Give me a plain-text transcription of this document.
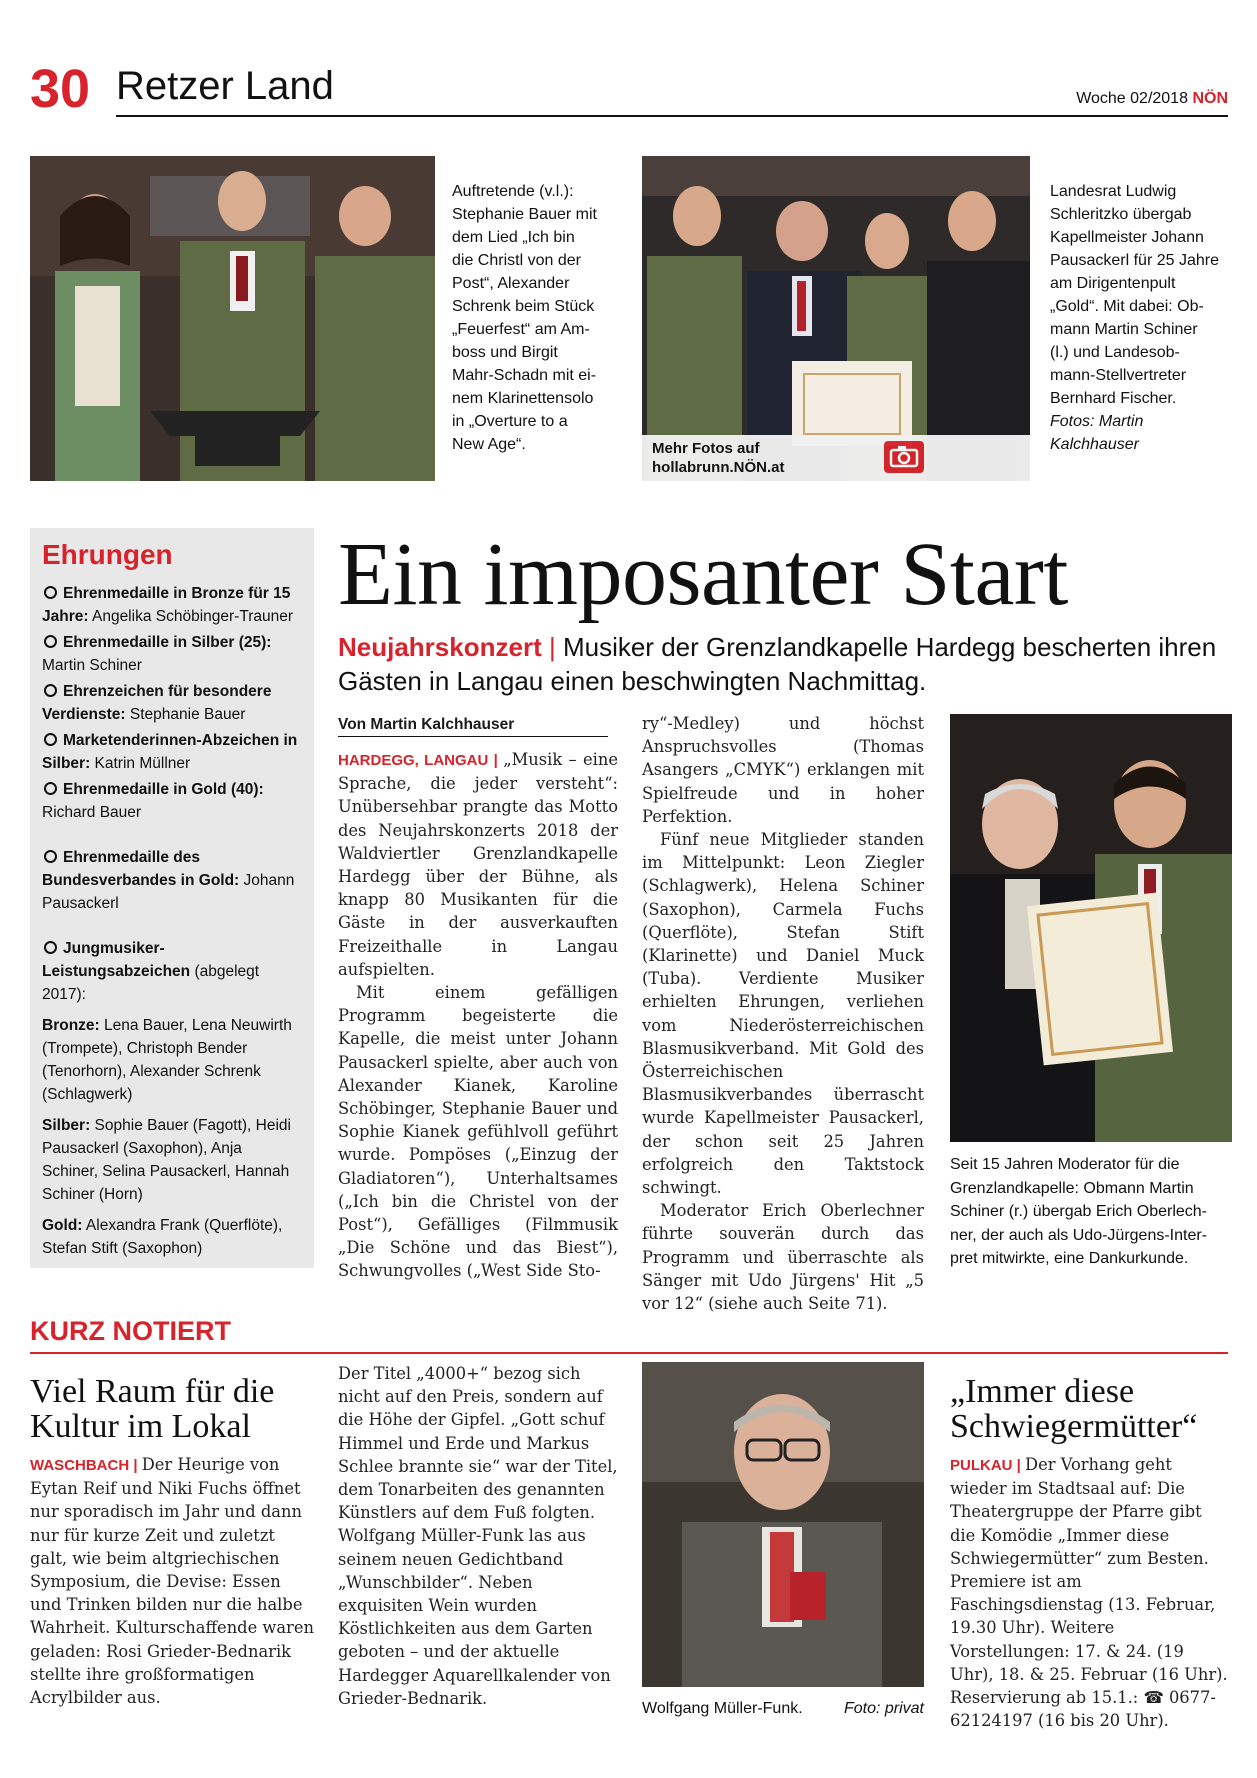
30 Retzer Land	Woche 02/2018 NÖN
Auftretende (v.l.):
Stephanie Bauer mit
dem Lied „Ich bin
die Christl von der
Post“, Alexander
Schrenk beim Stück
„Feuerfest“ am Am-
boss und Birgit
Mahr-Schadn mit ei-
nem Klarinettensolo
in „Overture to a
New Age“.	Mehr Fotos auf
hollabrunn.NÖN.at
Landesrat Ludwig
Schleritzko übergab
Kapellmeister Johann
Pausackerl für 25 Jahre
am Dirigentenpult
„Gold“. Mit dabei: Ob-
mann Martin Schiner
(l.) und Landesob-
mann-Stellvertreter
Bernhard Fischer.
Fotos: Martin
Kalchhauser
Ehrungen
Ehrenmedaille in Bronze für 15 Jahre: Angelika Schöbinger-Trauner
Ehrenmedaille in Silber (25): Martin Schiner
Ehrenzeichen für besondere Verdienste: Stephanie Bauer
Marketenderinnen-Abzeichen in Silber: Katrin Müllner
Ehrenmedaille in Gold (40): Richard Bauer
Ehrenmedaille des Bundesverbandes in Gold: Johann Pausackerl
Jungmusiker-Leistungsabzeichen (abgelegt 2017):
Bronze: Lena Bauer, Lena Neuwirth (Trompete), Christoph Bender (Tenorhorn), Alexander Schrenk (Schlagwerk)
Silber: Sophie Bauer (Fagott), Heidi Pausackerl (Saxophon), Anja Schiner, Selina Pausackerl, Hannah Schiner (Horn)
Gold: Alexandra Frank (Querflöte), Stefan Stift (Saxophon)
Ein imposanter Start
Neujahrskonzert | Musiker der Grenzlandkapelle Hardegg bescherten ihren Gästen in Langau einen beschwingten Nachmittag.
Von Martin Kalchhauser

HARDEGG, LANGAU | „Musik – eine Sprache, die jeder versteht“: Unübersehbar prangte das Motto des Neujahrskonzerts 2018 der Waldviertler Grenzlandkapelle Hardegg über der Bühne, als knapp 80 Musikanten für die Gäste in der ausverkauften Freizeithalle in Langau aufspielten.

Mit einem gefälligen Programm begeisterte die Kapelle, die meist unter Johann Pausackerl spielte, aber auch von Alexander Kianek, Karoline Schöbinger, Stephanie Bauer und Sophie Kianek gefühlvoll geführt wurde. Pompöses („Einzug der Gladiatoren“), Unterhaltsames („Ich bin die Christel von der Post“), Gefälliges (Filmmusik „Die Schöne und das Biest“), Schwungvolles („West Side Sto-

ry“-Medley) und höchst Anspruchsvolles (Thomas Asangers „CMYK“) erklangen mit Spielfreude und in hoher Perfektion.

Fünf neue Mitglieder standen im Mittelpunkt: Leon Ziegler (Schlagwerk), Helena Schiner (Saxophon), Carmela Fuchs (Querflöte), Stefan Stift (Klarinette) und Daniel Muck (Tuba). Verdiente Musiker erhielten Ehrungen, verliehen vom Niederösterreichischen Blasmusikverband. Mit Gold des Österreichischen Blasmusikverbandes überrascht wurde Kapellmeister Pausackerl, der schon seit 25 Jahren erfolgreich den Taktstock schwingt.

Moderator Erich Oberlechner führte souverän durch das Programm und überraschte als Sänger mit Udo Jürgens' Hit „5 vor 12“ (siehe auch Seite 71).

Seit 15 Jahren Moderator für die
Grenzlandkapelle: Obmann Martin
Schiner (r.) übergab Erich Oberlech-
ner, der auch als Udo-Jürgens-Inter-
pret mitwirkte, eine Dankurkunde.
KURZ NOTIERT
Viel Raum für die Kultur im Lokal

WASCHBACH | Der Heurige von Eytan Reif und Niki Fuchs öffnet nur sporadisch im Jahr und dann nur für kurze Zeit und zuletzt galt, wie beim altgriechischen Symposium, die Devise: Essen und Trinken bilden nur die halbe Wahrheit. Kulturschaffende waren geladen: Rosi Grieder-Bednarik stellte ihre großformatigen Acrylbilder aus.

Der Titel „4000+“ bezog sich nicht auf den Preis, sondern auf die Höhe der Gipfel. „Gott schuf Himmel und Erde und Markus Schlee brannte sie“ war der Titel, dem Tonarbeiten des genannten Künstlers auf dem Fuß folgten. Wolfgang Müller-Funk las aus seinem neuen Gedichtband „Wunschbilder“. Neben exquisiten Wein wurden Köstlichkeiten aus dem Garten geboten – und der aktuelle Hardegger Aquarellkalender von Grieder-Bednarik.

Wolfgang Müller-Funk.	Foto: privat
„Immer diese Schwiegermütter“

PULKAU | Der Vorhang geht wieder im Stadtsaal auf: Die Theatergruppe der Pfarre gibt die Komödie „Immer diese Schwiegermütter“ zum Besten. Premiere ist am Faschingsdienstag (13. Februar, 19.30 Uhr). Weitere Vorstellungen: 17. & 24. (19 Uhr), 18. & 25. Februar (16 Uhr). Reservierung ab 15.1.: ☎ 0677-62124197 (16 bis 20 Uhr).
